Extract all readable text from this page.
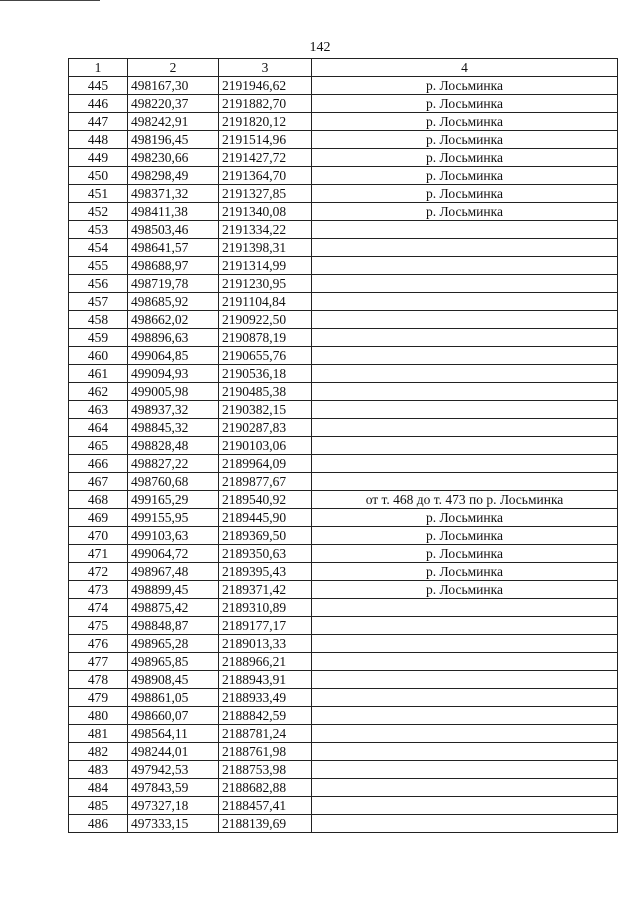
142
1	2	3	4
445	498167,30	2191946,62	р. Лосьминка
446	498220,37	2191882,70	р. Лосьминка
447	498242,91	2191820,12	р. Лосьминка
448	498196,45	2191514,96	р. Лосьминка
449	498230,66	2191427,72	р. Лосьминка
450	498298,49	2191364,70	р. Лосьминка
451	498371,32	2191327,85	р. Лосьминка
452	498411,38	2191340,08	р. Лосьминка
453	498503,46	2191334,22	
454	498641,57	2191398,31	
455	498688,97	2191314,99	
456	498719,78	2191230,95	
457	498685,92	2191104,84	
458	498662,02	2190922,50	
459	498896,63	2190878,19	
460	499064,85	2190655,76	
461	499094,93	2190536,18	
462	499005,98	2190485,38	
463	498937,32	2190382,15	
464	498845,32	2190287,83	
465	498828,48	2190103,06	
466	498827,22	2189964,09	
467	498760,68	2189877,67	
468	499165,29	2189540,92	от т. 468 до т. 473 по р. Лосьминка
469	499155,95	2189445,90	р. Лосьминка
470	499103,63	2189369,50	р. Лосьминка
471	499064,72	2189350,63	р. Лосьминка
472	498967,48	2189395,43	р. Лосьминка
473	498899,45	2189371,42	р. Лосьминка
474	498875,42	2189310,89	
475	498848,87	2189177,17	
476	498965,28	2189013,33	
477	498965,85	2188966,21	
478	498908,45	2188943,91	
479	498861,05	2188933,49	
480	498660,07	2188842,59	
481	498564,11	2188781,24	
482	498244,01	2188761,98	
483	497942,53	2188753,98	
484	497843,59	2188682,88	
485	497327,18	2188457,41	
486	497333,15	2188139,69	
